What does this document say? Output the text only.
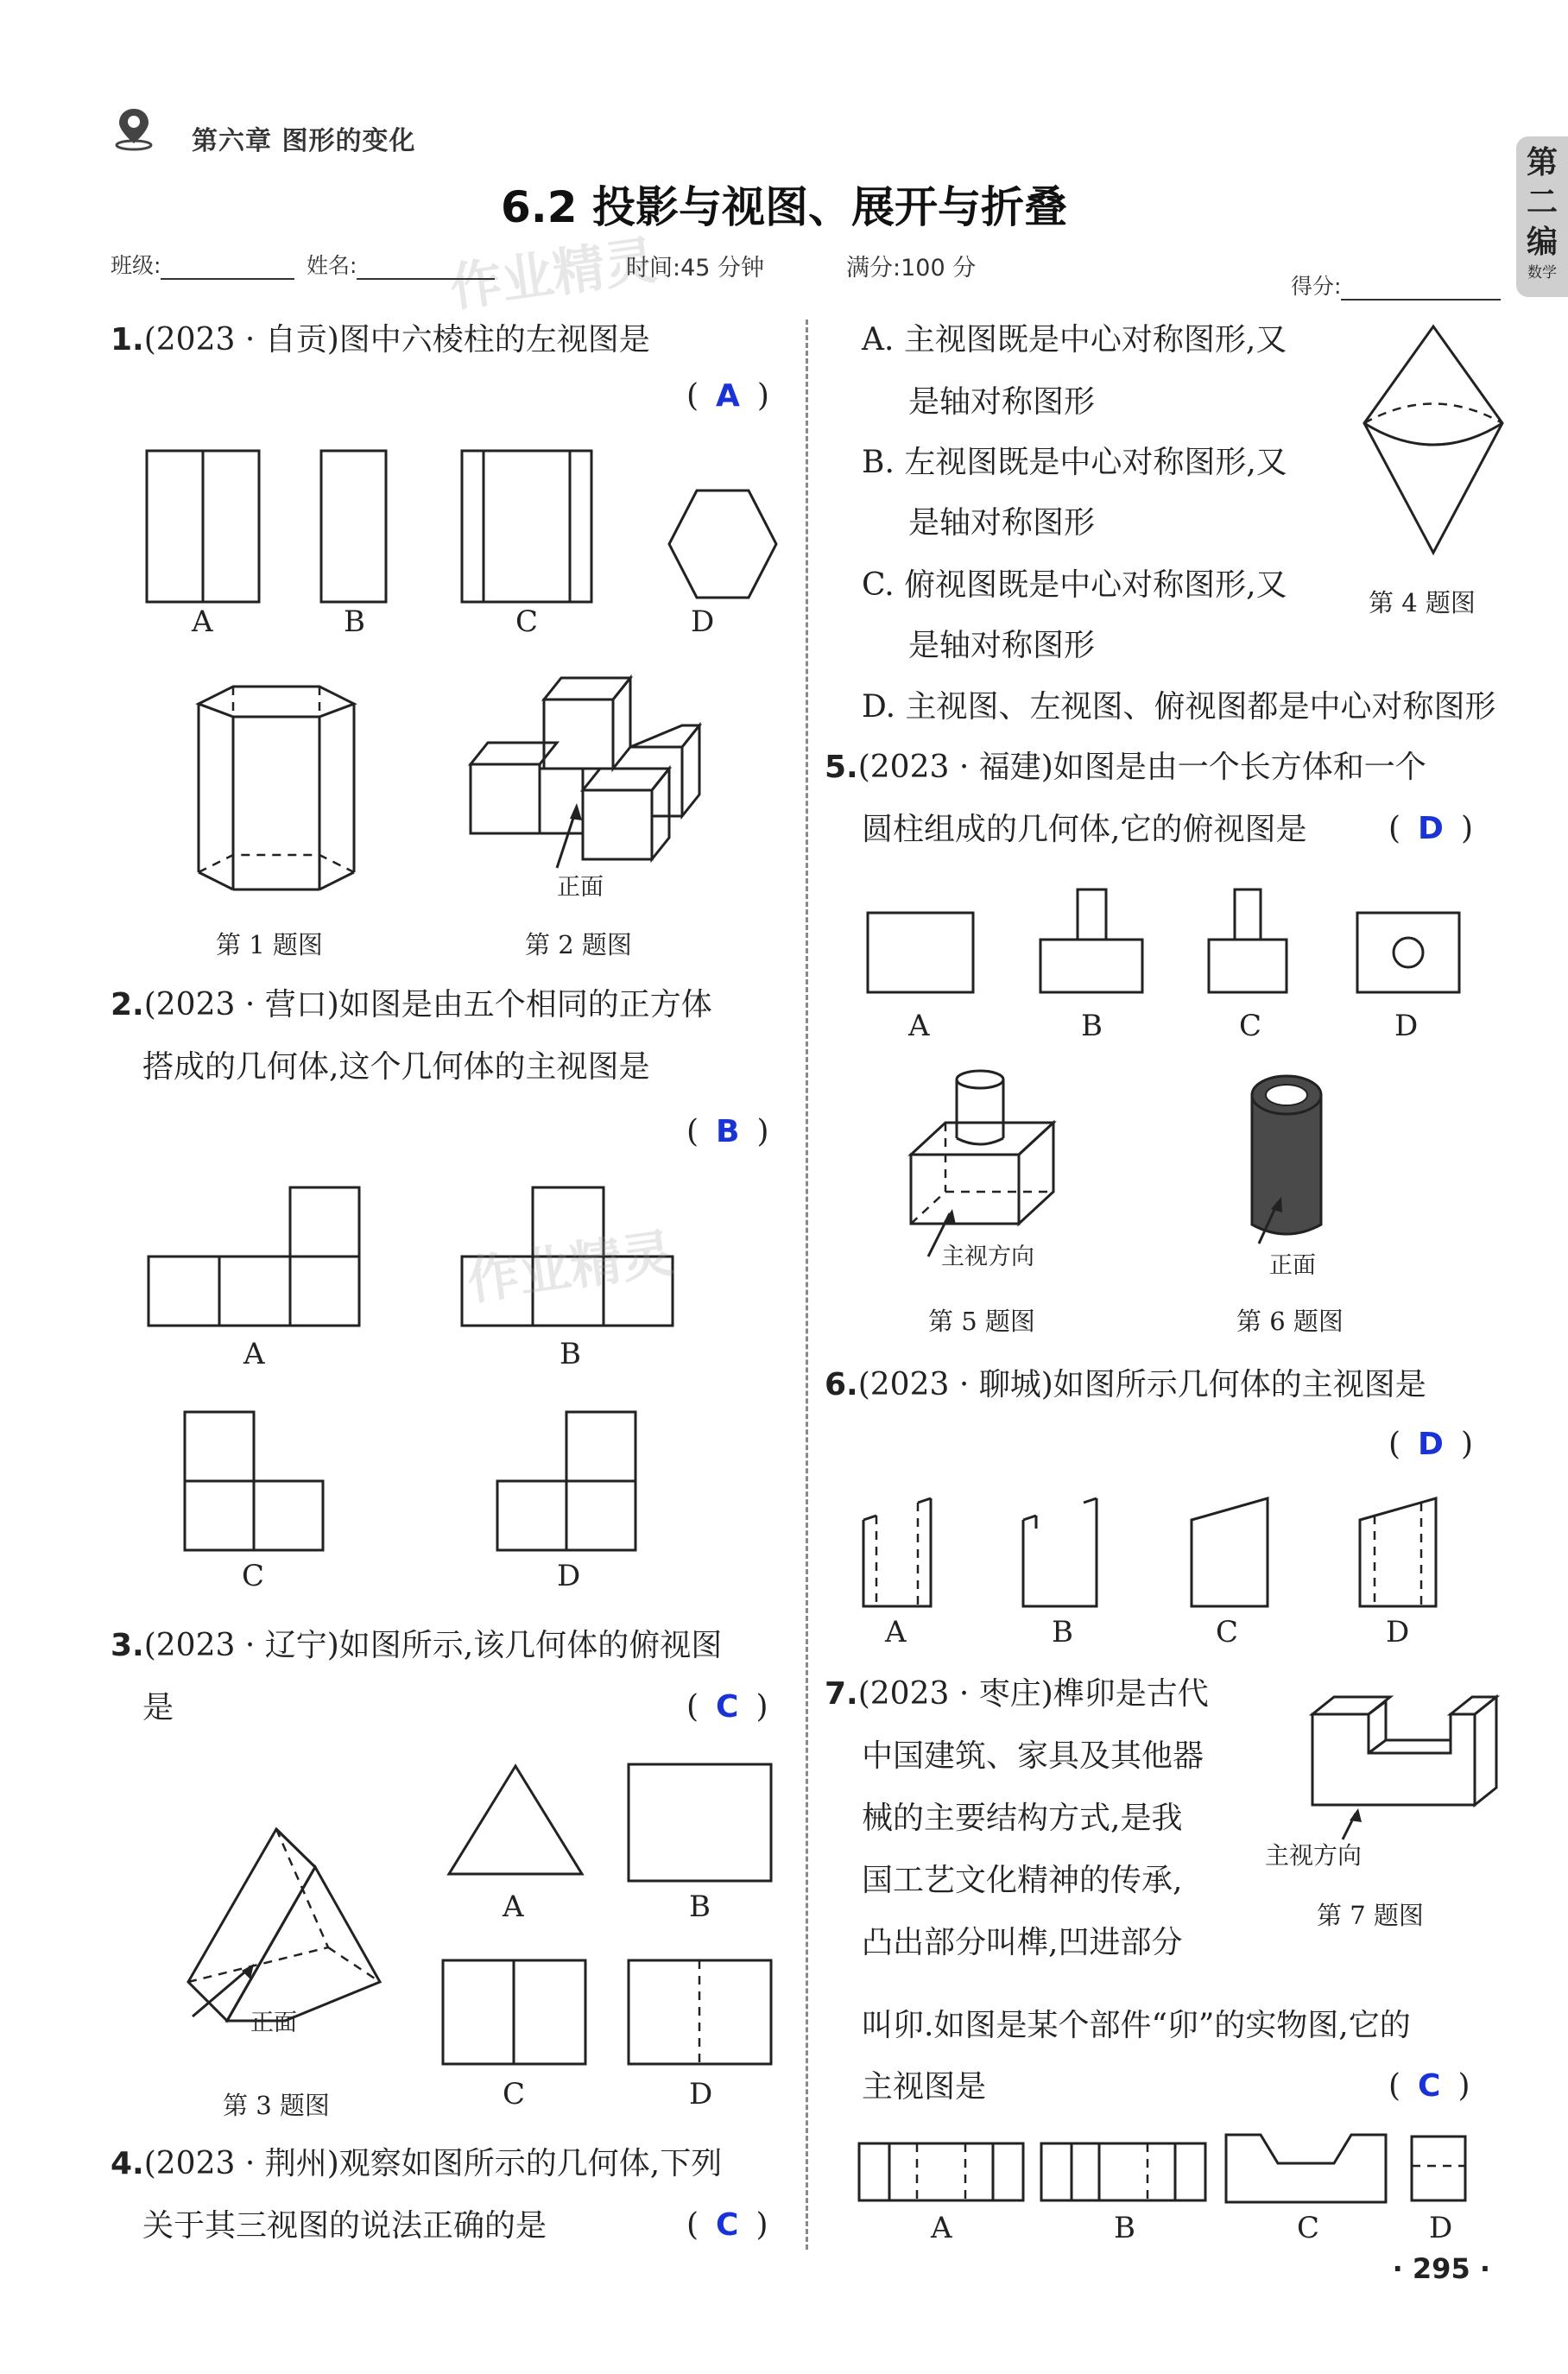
第六章 图形的变化
6.2 投影与视图、展开与折叠
作业精灵
班级:	姓名:	时间:45 分钟	满分:100 分
得分:
第二编
数学
1.(2023 · 自贡)图中六棱柱的左视图是
( A )
A	B	C	D
正面
第 1 题图	第 2 题图
2.(2023 · 营口)如图是由五个相同的正方体
搭成的几何体,这个几何体的主视图是
( B )
作业精灵
A	B
C	D
3.(2023 · 辽宁)如图所示,该几何体的俯视图
是	( C )
正面
A	B
C	D
第 3 题图
4.(2023 · 荆州)观察如图所示的几何体,下列
关于其三视图的说法正确的是	( C )
A. 主视图既是中心对称图形,又
是轴对称图形
B. 左视图既是中心对称图形,又
是轴对称图形
C. 俯视图既是中心对称图形,又
是轴对称图形
D. 主视图、左视图、俯视图都是中心对称图形
第 4 题图
5.(2023 · 福建)如图是由一个长方体和一个
圆柱组成的几何体,它的俯视图是	( D )
A	B	C	D
主视方向	正面
第 5 题图	第 6 题图
6.(2023 · 聊城)如图所示几何体的主视图是
( D )
A	B	C	D
7.(2023 · 枣庄)榫卯是古代
中国建筑、家具及其他器
械的主要结构方式,是我
国工艺文化精神的传承,
凸出部分叫榫,凹进部分
叫卯.如图是某个部件“卯”的实物图,它的
主视图是	( C )
主视方向
第 7 题图
A	B	C	D
· 295 ·
